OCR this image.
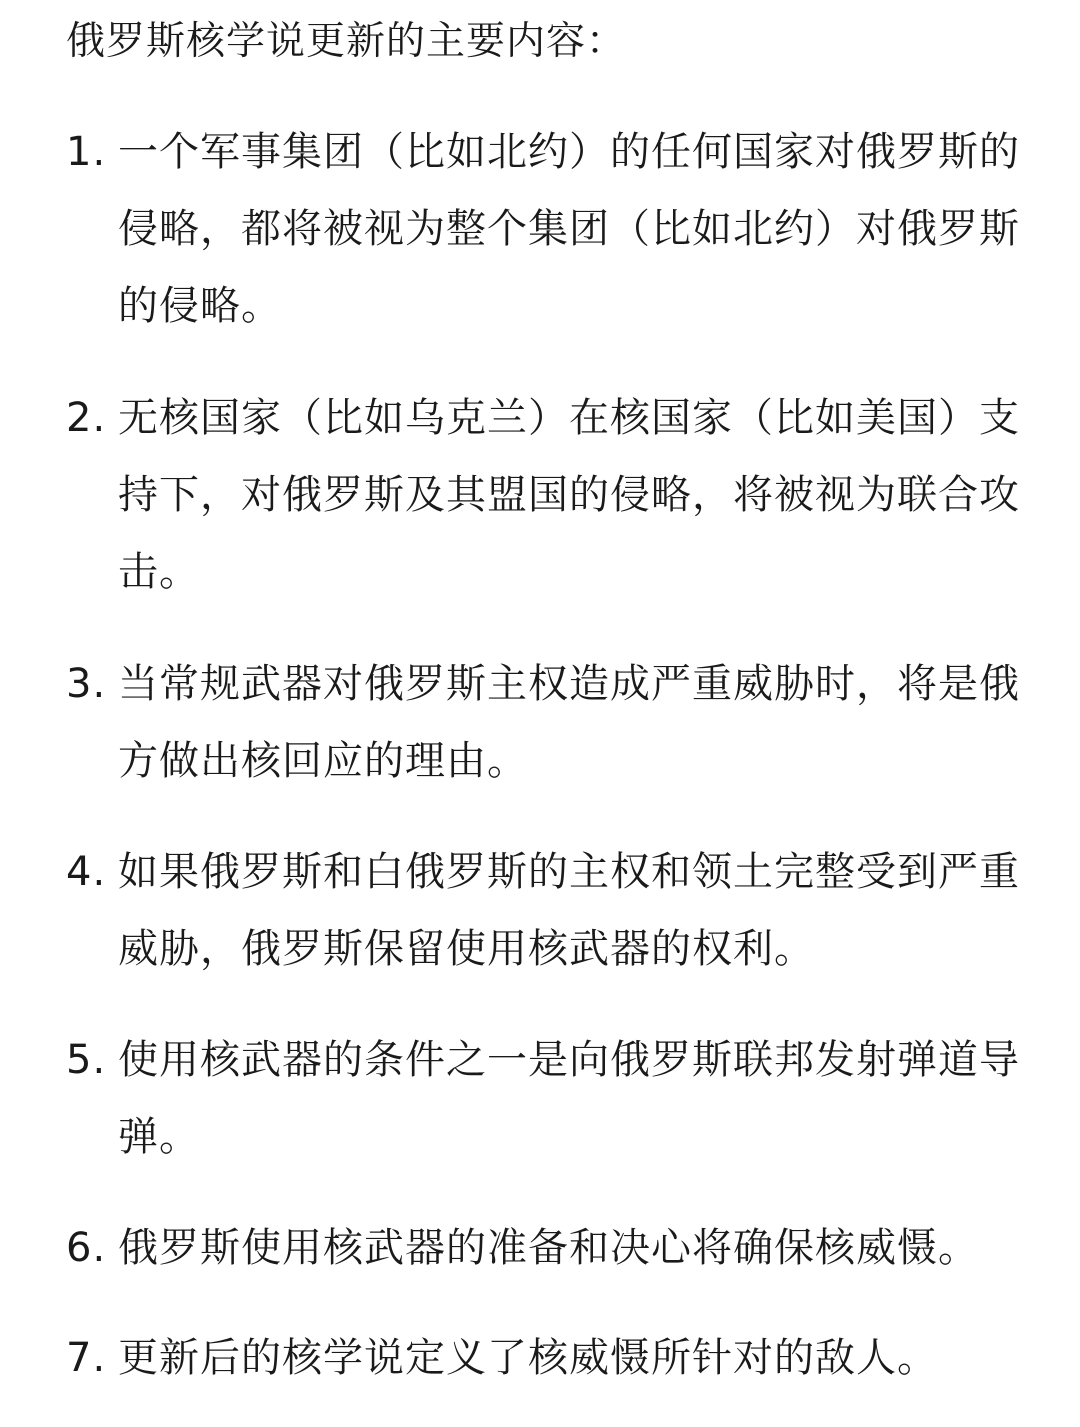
俄罗斯核学说更新的主要内容：
1. 一个军事集团（比如北约）的任何国家对俄罗斯的侵略，都将被视为整个集团（比如北约）对俄罗斯的侵略。
2. 无核国家（比如乌克兰）在核国家（比如美国）支持下，对俄罗斯及其盟国的侵略，将被视为联合攻击。
3. 当常规武器对俄罗斯主权造成严重威胁时，将是俄方做出核回应的理由。
4. 如果俄罗斯和白俄罗斯的主权和领土完整受到严重威胁，俄罗斯保留使用核武器的权利。
5. 使用核武器的条件之一是向俄罗斯联邦发射弹道导弹。
6. 俄罗斯使用核武器的准备和决心将确保核威慑。
7. 更新后的核学说定义了核威慑所针对的敌人。
